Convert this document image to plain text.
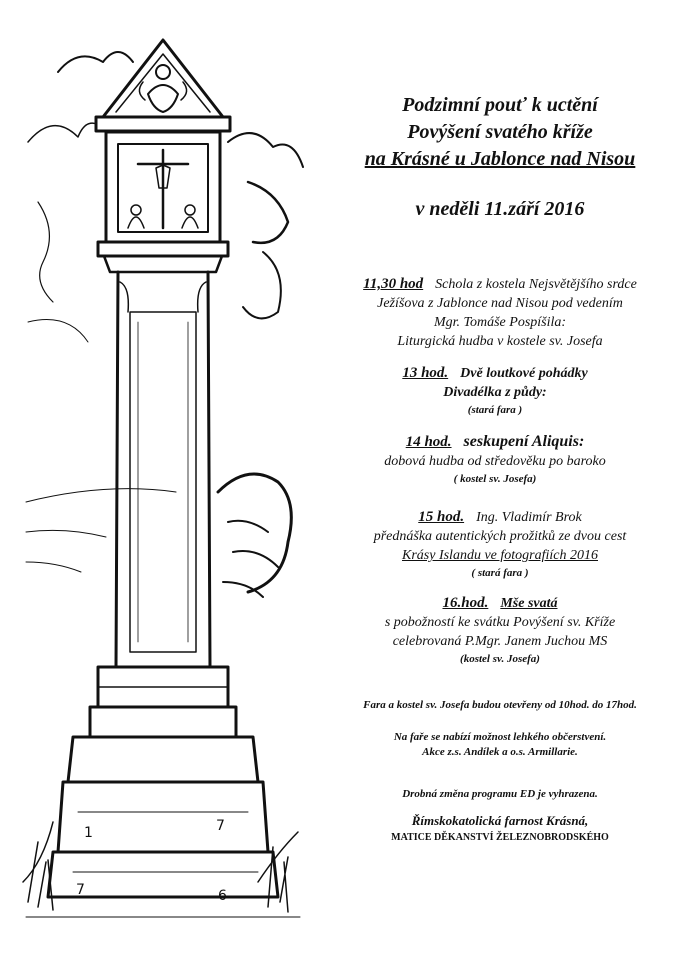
1	7
7	6
Podzimní pouť k uctění
Povýšení svatého kříže
na Krásné u Jablonce nad Nisou
v neděli 11.září 2016
11,30 hod Schola z kostela Nejsvětějšího srdce
Ježíšova z Jablonce nad Nisou pod vedením
Mgr. Tomáše Pospíšila:
Liturgická hudba v kostele sv. Josefa
13 hod. Dvě loutkové pohádky
Divadélka z půdy:
(stará fara )
14 hod. seskupení Aliquis:
dobová hudba od středověku po baroko
( kostel sv. Josefa)
15 hod. Ing. Vladimír Brok
přednáška autentických prožitků ze dvou cest
Krásy Islandu ve fotografiích 2016
( stará fara )
16.hod. Mše svatá
s pobožností ke svátku Povýšení sv. Kříže
celebrovaná P.Mgr. Janem Juchou MS
(kostel sv. Josefa)
Fara a kostel sv. Josefa budou otevřeny od 10hod. do 17hod.
Na faře se nabízí možnost lehkého občerstvení.
Akce z.s. Andílek a o.s. Armillarie.
Drobná změna programu ED je vyhrazena.
Římskokatolická farnost Krásná,
MATICE DĚKANSTVÍ ŽELEZNOBRODSKÉHO
